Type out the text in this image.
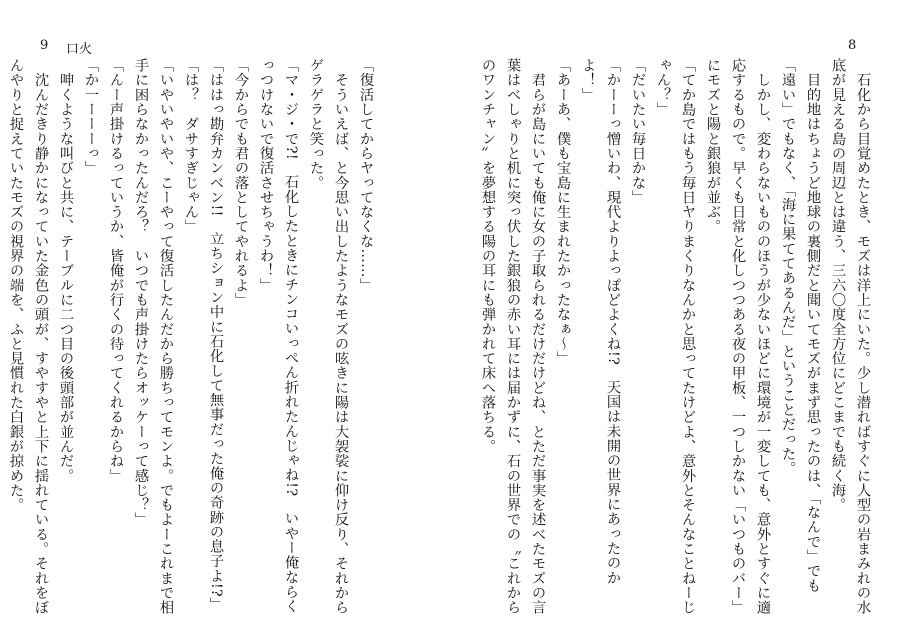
9 口火	8

　石化から目覚めたとき、モズは洋上にいた。少し潜ればすぐに人型の岩まみれの水底が見える島の周辺とは違う、三六〇度全方位にどこまでも続く海。

　目的地はちょうど地球の裏側だと聞いてモズがまず思ったのは、「なんで」でも「遠い」でもなく、「海に果ててあるんだ」ということだった。

　しかし、変わらないもののほうが少ないほどに環境が一変しても、意外とすぐに適応するもので。早くも日常と化しつつある夜の甲板、一つしかない「いつものバー」にモズと陽と銀狼が並ぶ。

「てか島ではもう毎日ヤりまくりなんかと思ってたけどよ、意外とそんなことねーじゃん？」

「だいたい毎日かな」

「かーーっ憎いわ、現代よりよっぽどよくね!?　天国は未開の世界にあったのかよ！」

「あーあ、僕も宝島に生まれたかったなぁ～」

　君らが島にいても俺に女の子取られるだけだけどね、とただ事実を述べたモズの言葉はベしゃりと机に突っ伏した銀狼の赤い耳には届かずに、石の世界での〝これからのワンチャン〟を夢想する陽の耳にも弾かれて床へ落ちる。

「復活してからヤってなくな……」

　そういえば、と今思い出したようなモズの呟きに陽は大袈裟に仰け反り、それからゲラゲラと笑った。

「マ・ジ・で?!　石化したときにチンコいっぺん折れたんじゃね!?　いやー俺ならくっつけないで復活させちゃうわ！」

「今からでも君の落としてやれるよ」

「ははっ勘弁カンベン!!　立ちション中に石化して無事だった俺の奇跡の息子よ!?」

「は？　ダサすぎじゃん」

「いやいやいや、こーやって復活したんだから勝ちってモンよ。でもよーこれまで相手に困らなかったんだろ？　いつでも声掛けたらオッケーって感じ？」

「んー声掛けるっていうか、皆俺が行くの待ってくれるからね」

「か一ーーーっ」

　呻くような叫びと共に、テーブルに二つ目の後頭部が並んだ。

　沈んだきり静かになっていた金色の頭が、すやすやと上下に揺れている。それをぼんやりと捉えていたモズの視界の端を、ふと見慣れた白銀が掠めた。
